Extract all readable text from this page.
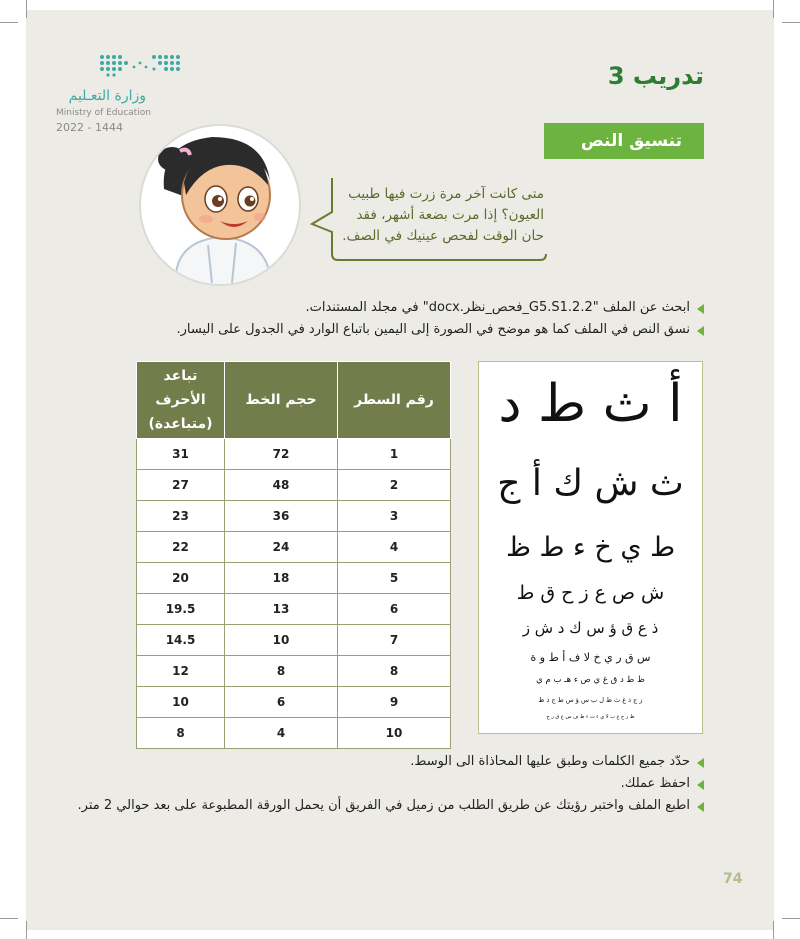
وزارة التعـليم
Ministry of Education
2022 - 1444
تدريب 3
تنسيق النص
متى كانت آخر مرة زرت فيها طبيب
العيون؟ إذا مرت بضعة أشهر، فقد
حان الوقت لفحص عينيك في الصف.
ابحث عن الملف "G5.S1.2.2_فحص_نظر.docx" في مجلد المستندات.
نسق النص في الملف كما هو موضح في الصورة إلى اليمين باتباع الوارد في الجدول على اليسار.
رقم السطر	حجم الخط	تباعد الأحرف (متباعدة)
1	72	31
2	48	27
3	36	23
4	24	22
5	18	20
6	13	19.5
7	10	14.5
8	8	12
9	6	10
10	4	8
أ ث ط د
ث ش ك أ ج
ط ي خ ء ط ظ
ش ص ع ز ح ق ط
ذ ع ق ؤ س ك د ش ز
س ق ر ي خ لا ف أ ط و ة
ظ ط د ق غ ي ص ء هـ ب م ي
ز ج ذ غ ث ظ ل ب س ؤ س ط ج ذ ظ
ظ ز ج ع ب لا ي ء ث ء ظ ف س ع ق ر ج
حدّد جميع الكلمات وطبق عليها المحاذاة الى الوسط.
احفظ عملك.
اطبع الملف واختبر رؤيتك عن طريق الطلب من زميل في الفريق أن يحمل الورقة المطبوعة على بعد حوالي 2 متر.
74
